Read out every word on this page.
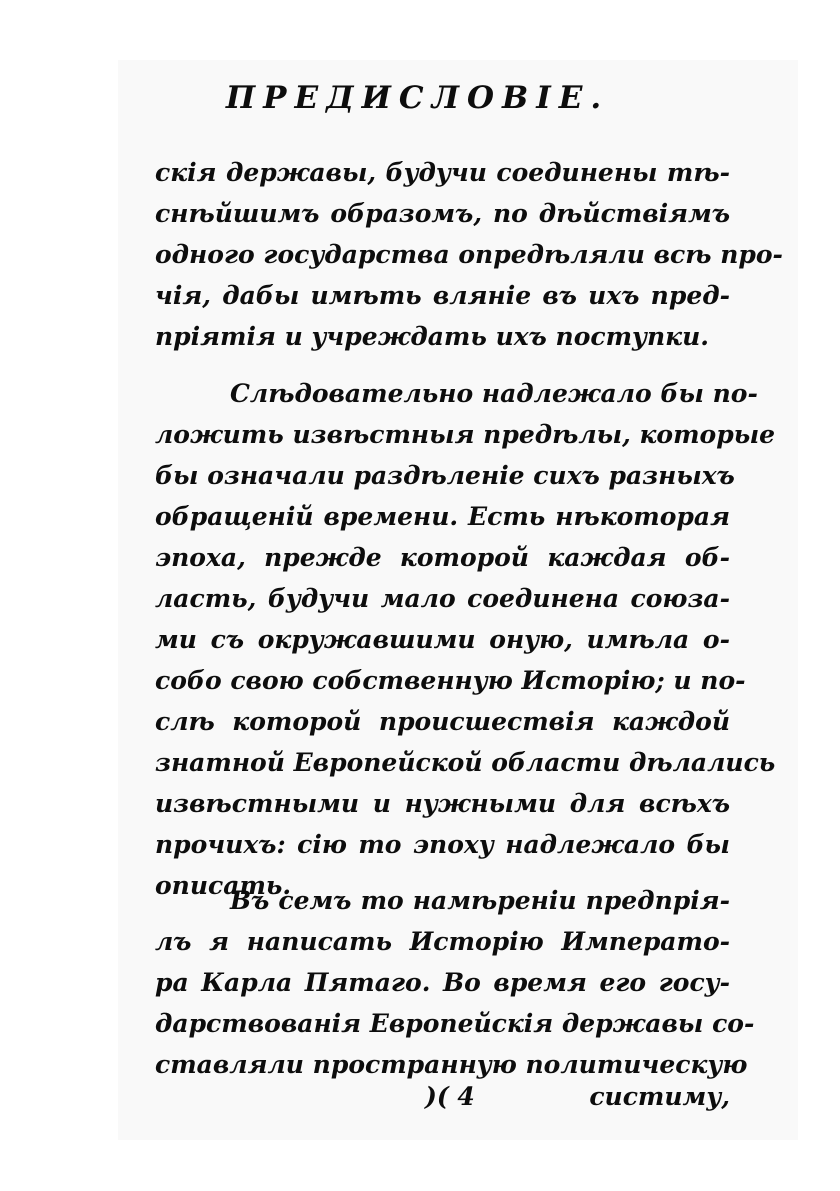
ПРЕДИСЛОВІЕ.
скія державы, будучи соединены тѣ-
снѣйшимъ образомъ, по дѣйствіямъ
одного государства опредѣляли всѣ про-
чія, дабы имѣть вляніе въ ихъ пред-
пріятія и учреждать ихъ поступки.
Слѣдовательно надлежало бы по-
ложить извѣстныя предѣлы, которые
бы означали раздѣленіе сихъ разныхъ
обращеній времени. Есть нѣкоторая
эпоха, прежде которой каждая об-
ласть, будучи мало соединена союза-
ми съ окружавшими оную, имѣла о-
собо свою собственную Исторію; и по-
слѣ которой происшествія каждой
знатной Европейской области дѣлались
извѣстными и нужными для всѣхъ
прочихъ: сію то эпоху надлежало бы
описать.
Въ семъ то намѣреніи предпрія-
лъ я написать Исторію Императо-
ра Карла Пятаго. Во время его госу-
дарствованія Европейскія державы со-
ставляли пространную политическую
)( 4	систиму,
